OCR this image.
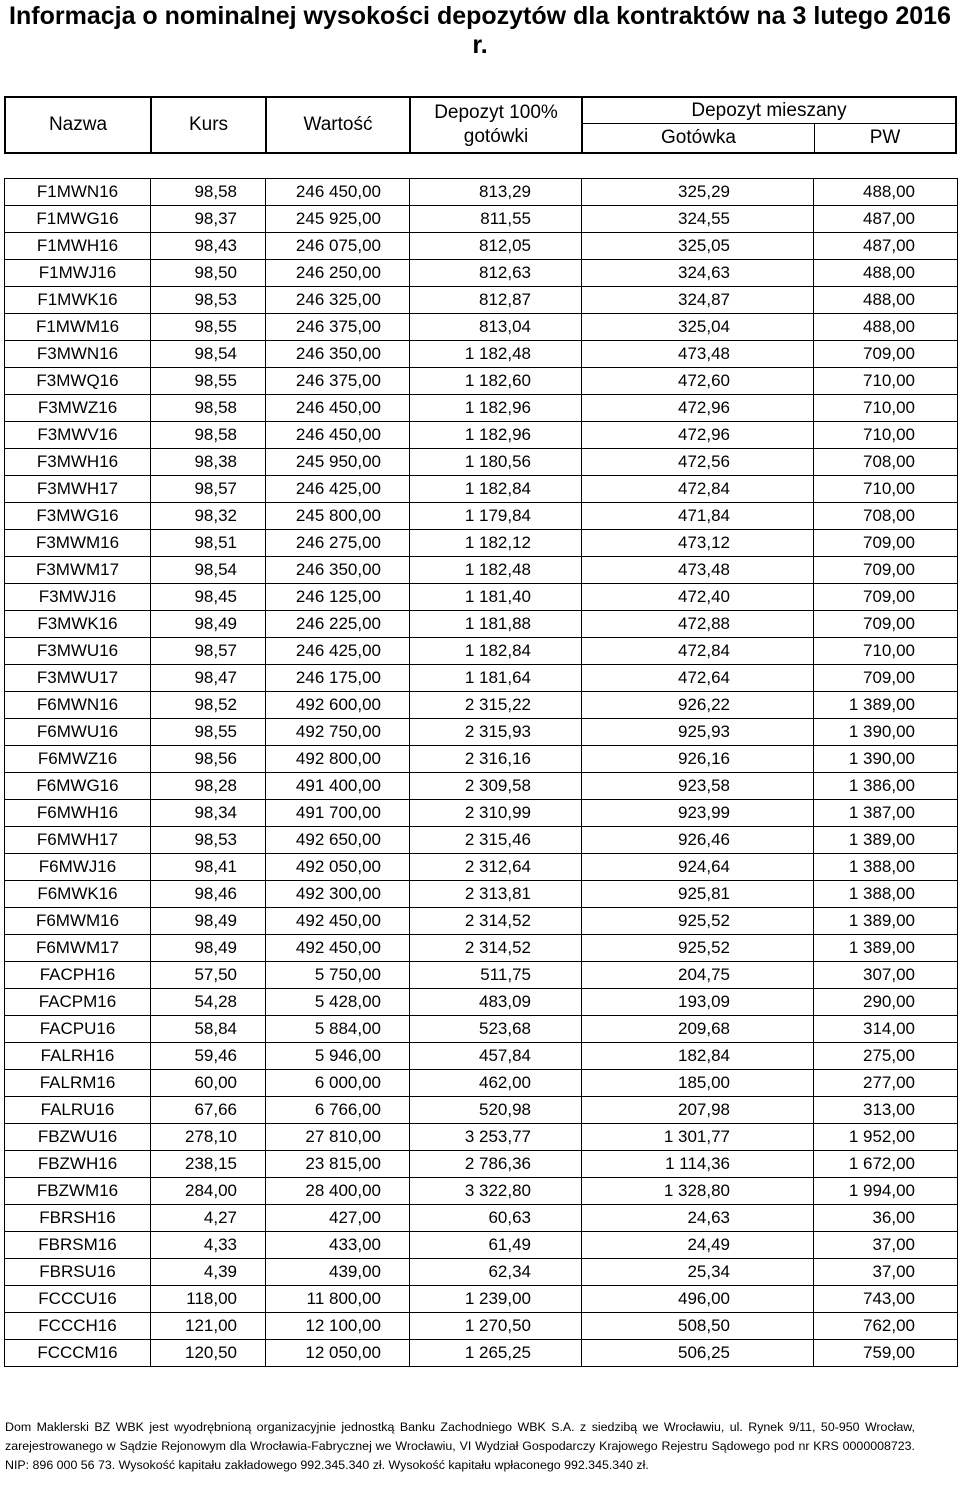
Informacja o nominalnej wysokości depozytów dla kontraktów na 3 lutego 2016 r.
Nazwa	Kurs	Wartość
Depozyt 100% gotówki
Depozyt mieszany
Gotówka	PW
F1MWN16	98,58	246 450,00	813,29	325,29	488,00
F1MWG16	98,37	245 925,00	811,55	324,55	487,00
F1MWH16	98,43	246 075,00	812,05	325,05	487,00
F1MWJ16	98,50	246 250,00	812,63	324,63	488,00
F1MWK16	98,53	246 325,00	812,87	324,87	488,00
F1MWM16	98,55	246 375,00	813,04	325,04	488,00
F3MWN16	98,54	246 350,00	1 182,48	473,48	709,00
F3MWQ16	98,55	246 375,00	1 182,60	472,60	710,00
F3MWZ16	98,58	246 450,00	1 182,96	472,96	710,00
F3MWV16	98,58	246 450,00	1 182,96	472,96	710,00
F3MWH16	98,38	245 950,00	1 180,56	472,56	708,00
F3MWH17	98,57	246 425,00	1 182,84	472,84	710,00
F3MWG16	98,32	245 800,00	1 179,84	471,84	708,00
F3MWM16	98,51	246 275,00	1 182,12	473,12	709,00
F3MWM17	98,54	246 350,00	1 182,48	473,48	709,00
F3MWJ16	98,45	246 125,00	1 181,40	472,40	709,00
F3MWK16	98,49	246 225,00	1 181,88	472,88	709,00
F3MWU16	98,57	246 425,00	1 182,84	472,84	710,00
F3MWU17	98,47	246 175,00	1 181,64	472,64	709,00
F6MWN16	98,52	492 600,00	2 315,22	926,22	1 389,00
F6MWU16	98,55	492 750,00	2 315,93	925,93	1 390,00
F6MWZ16	98,56	492 800,00	2 316,16	926,16	1 390,00
F6MWG16	98,28	491 400,00	2 309,58	923,58	1 386,00
F6MWH16	98,34	491 700,00	2 310,99	923,99	1 387,00
F6MWH17	98,53	492 650,00	2 315,46	926,46	1 389,00
F6MWJ16	98,41	492 050,00	2 312,64	924,64	1 388,00
F6MWK16	98,46	492 300,00	2 313,81	925,81	1 388,00
F6MWM16	98,49	492 450,00	2 314,52	925,52	1 389,00
F6MWM17	98,49	492 450,00	2 314,52	925,52	1 389,00
FACPH16	57,50	5 750,00	511,75	204,75	307,00
FACPM16	54,28	5 428,00	483,09	193,09	290,00
FACPU16	58,84	5 884,00	523,68	209,68	314,00
FALRH16	59,46	5 946,00	457,84	182,84	275,00
FALRM16	60,00	6 000,00	462,00	185,00	277,00
FALRU16	67,66	6 766,00	520,98	207,98	313,00
FBZWU16	278,10	27 810,00	3 253,77	1 301,77	1 952,00
FBZWH16	238,15	23 815,00	2 786,36	1 114,36	1 672,00
FBZWM16	284,00	28 400,00	3 322,80	1 328,80	1 994,00
FBRSH16	4,27	427,00	60,63	24,63	36,00
FBRSM16	4,33	433,00	61,49	24,49	37,00
FBRSU16	4,39	439,00	62,34	25,34	37,00
FCCCU16	118,00	11 800,00	1 239,00	496,00	743,00
FCCCH16	121,00	12 100,00	1 270,50	508,50	762,00
FCCCM16	120,50	12 050,00	1 265,25	506,25	759,00
Dom Maklerski BZ WBK jest wyodrębnioną organizacyjnie jednostką Banku Zachodniego WBK S.A. z siedzibą we Wrocławiu, ul. Rynek 9/11, 50-950 Wrocław, zarejestrowanego w Sądzie Rejonowym dla Wrocławia-Fabrycznej we Wrocławiu, VI Wydział Gospodarczy Krajowego Rejestru Sądowego pod nr KRS 0000008723. NIP: 896 000 56 73. Wysokość kapitału zakładowego 992.345.340 zł. Wysokość kapitału wpłaconego 992.345.340 zł.
